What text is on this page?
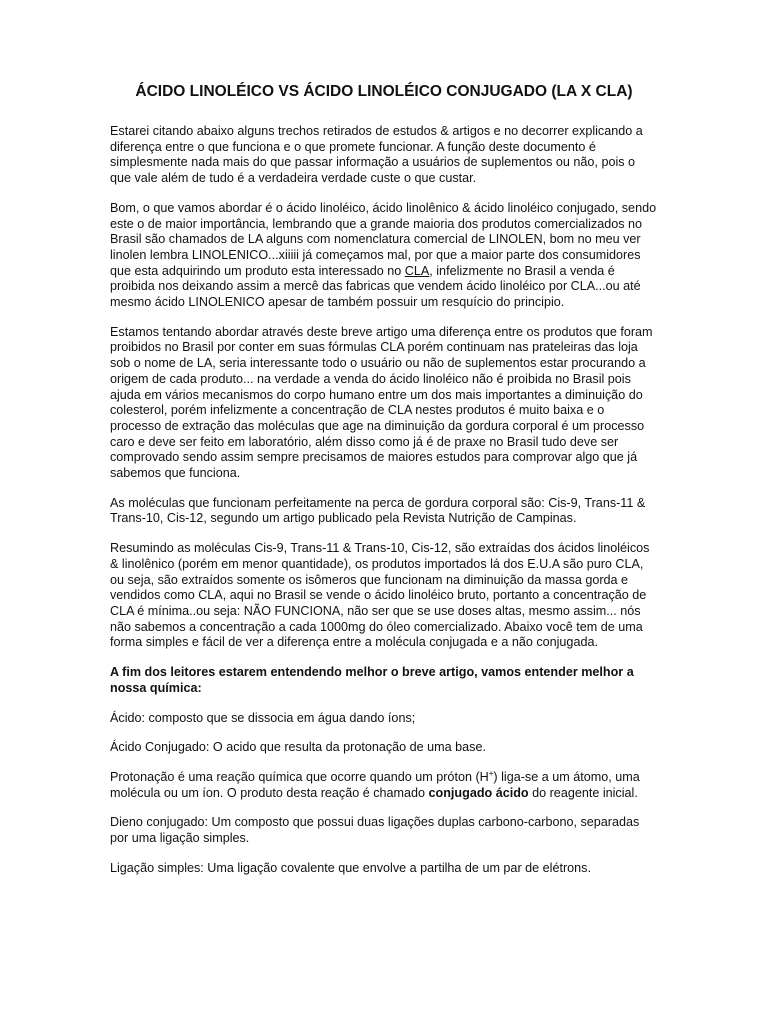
ÁCIDO LINOLÉICO VS ÁCIDO LINOLÉICO CONJUGADO (LA X CLA)

Estarei citando abaixo alguns trechos retirados de estudos & artigos e no decorrer explicando a diferença entre o que funciona e o que promete funcionar. A função deste documento é simplesmente nada mais do que passar informação a usuários de suplementos ou não, pois o que vale além de tudo é a verdadeira verdade custe o que custar.

Bom, o que vamos abordar é o ácido linoléico, ácido linolênico & ácido linoléico conjugado, sendo este o de maior importância, lembrando que a grande maioria dos produtos comercializados no Brasil são chamados de LA alguns com nomenclatura comercial de LINOLEN, bom no meu ver linolen lembra LINOLENICO...xiiiii já começamos mal, por que a maior parte dos consumidores que esta adquirindo um produto esta interessado no CLA, infelizmente no Brasil a venda é proibida nos deixando assim a mercê das fabricas que vendem ácido linoléico por CLA...ou até mesmo ácido LINOLENICO apesar de também possuir um resquício do principio.

Estamos tentando abordar através deste breve artigo uma diferença entre os produtos que foram proibidos no Brasil por conter em suas fórmulas CLA porém continuam nas prateleiras das loja sob o nome de LA, seria interessante todo o usuário ou não de suplementos estar procurando a origem de cada produto... na verdade a venda do ácido linoléico não é proibida no Brasil pois ajuda em vários mecanismos do corpo humano entre um dos mais importantes a diminuição do colesterol, porém infelizmente a concentração de CLA nestes produtos é muito baixa e o processo de extração das moléculas que age na diminuição da gordura corporal é um processo caro e deve ser feito em laboratório, além disso como já é de praxe no Brasil tudo deve ser comprovado sendo assim sempre precisamos de maiores estudos para comprovar algo que já sabemos que funciona.

As moléculas que funcionam perfeitamente na perca de gordura corporal são: Cis-9, Trans-11 & Trans-10, Cis-12, segundo um artigo publicado pela Revista Nutrição de Campinas.

Resumindo as moléculas Cis-9, Trans-11 & Trans-10, Cis-12, são extraídas dos ácidos linoléicos & linolênico (porém em menor quantidade), os produtos importados lá dos E.U.A são puro CLA, ou seja, são extraídos somente os isômeros que funcionam na diminuição da massa gorda e vendidos como CLA, aqui no Brasil se vende o ácido linoléico bruto, portanto a concentração de CLA é mínima..ou seja: NÃO FUNCIONA, não ser que se use doses altas, mesmo assim... nós não sabemos a concentração a cada 1000mg do óleo comercializado. Abaixo você tem de uma forma simples e fácil de ver a diferença entre a molécula conjugada e a não conjugada.

A fim dos leitores estarem entendendo melhor o breve artigo, vamos entender melhor a nossa química:

Ácido: composto que se dissocia em água dando íons;

Ácido Conjugado: O acido que resulta da protonação de uma base.

Protonação é uma reação química que ocorre quando um próton (H+) liga-se a um átomo, uma molécula ou um íon. O produto desta reação é chamado conjugado ácido do reagente inicial.

Dieno conjugado: Um composto que possui duas ligações duplas carbono-carbono, separadas por uma ligação simples.

Ligação simples: Uma ligação covalente que envolve a partilha de um par de elétrons.
